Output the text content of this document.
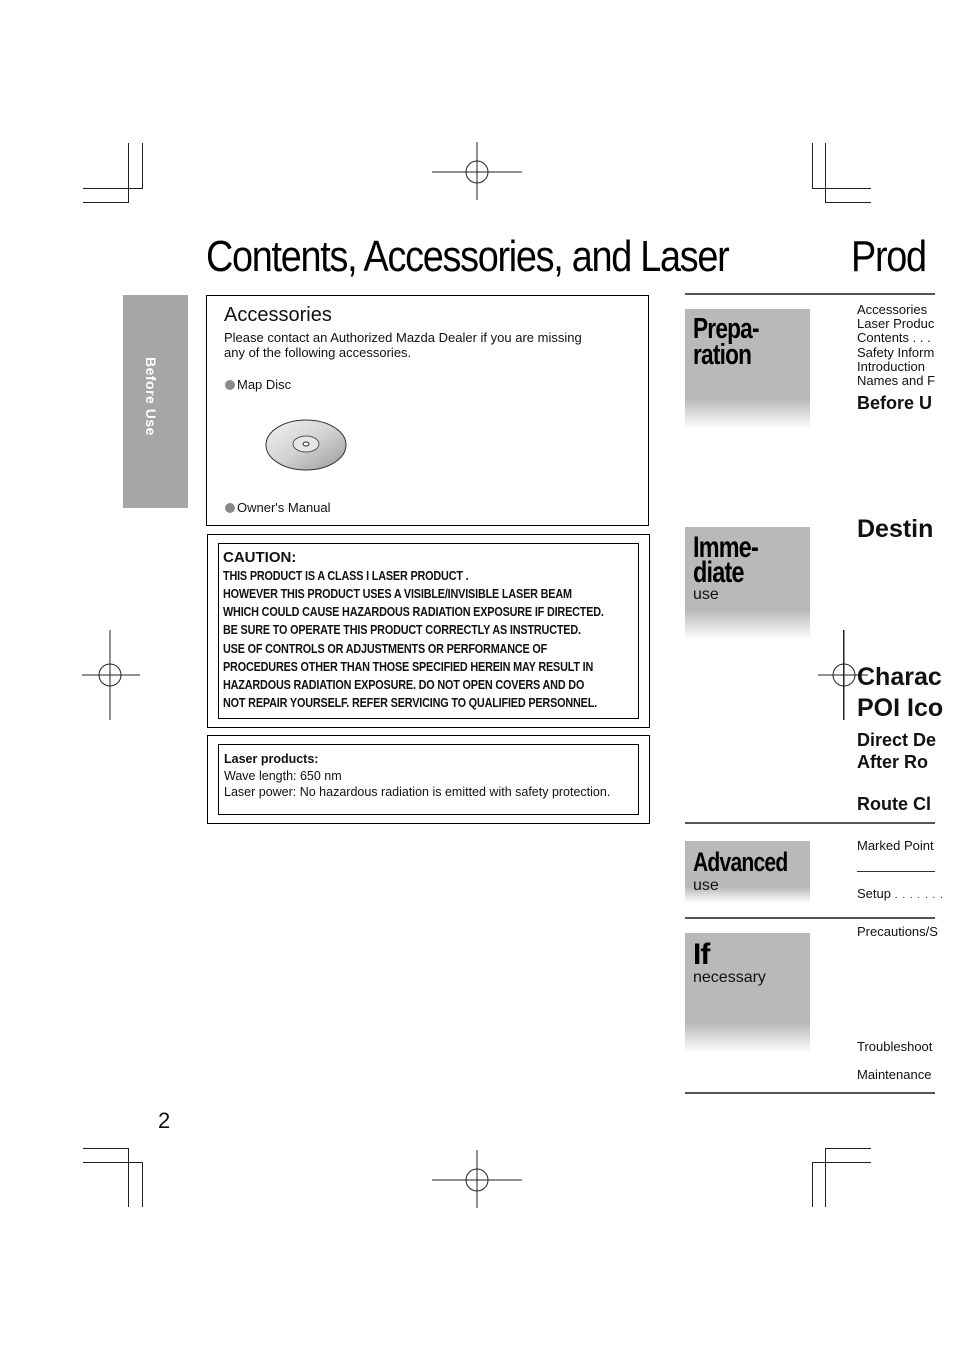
Contents, Accessories, and Laser	Prod
Before Use
Accessories
Please contact an Authorized Mazda Dealer if you are missing any of the following accessories.
Map Disc
Owner's Manual
CAUTION:
THIS PRODUCT IS A CLASS I LASER PRODUCT .
HOWEVER THIS PRODUCT USES A VISIBLE/INVISIBLE LASER BEAM
WHICH COULD CAUSE HAZARDOUS RADIATION EXPOSURE IF DIRECTED.
BE SURE TO OPERATE THIS PRODUCT CORRECTLY AS INSTRUCTED.
USE OF CONTROLS OR ADJUSTMENTS OR PERFORMANCE OF
PROCEDURES OTHER THAN THOSE SPECIFIED HEREIN MAY RESULT IN
HAZARDOUS RADIATION EXPOSURE. DO NOT OPEN COVERS AND DO
NOT REPAIR YOURSELF. REFER SERVICING TO QUALIFIED PERSONNEL.
Laser products:
Wave length: 650 nm
Laser power: No hazardous radiation is emitted with safety protection.
Prepa-
ration
Accessories
Laser Produc
Contents . . .
Safety Inform
Introduction
Names and F
Before U
Imme-
diate
use
Destin
Charac
POI Ico
Direct De
After Ro
Route Cl
Advanced
use
Marked Point
Setup . . . . . . .
If
necessary
Precautions/S
Troubleshoot
Maintenance
2
